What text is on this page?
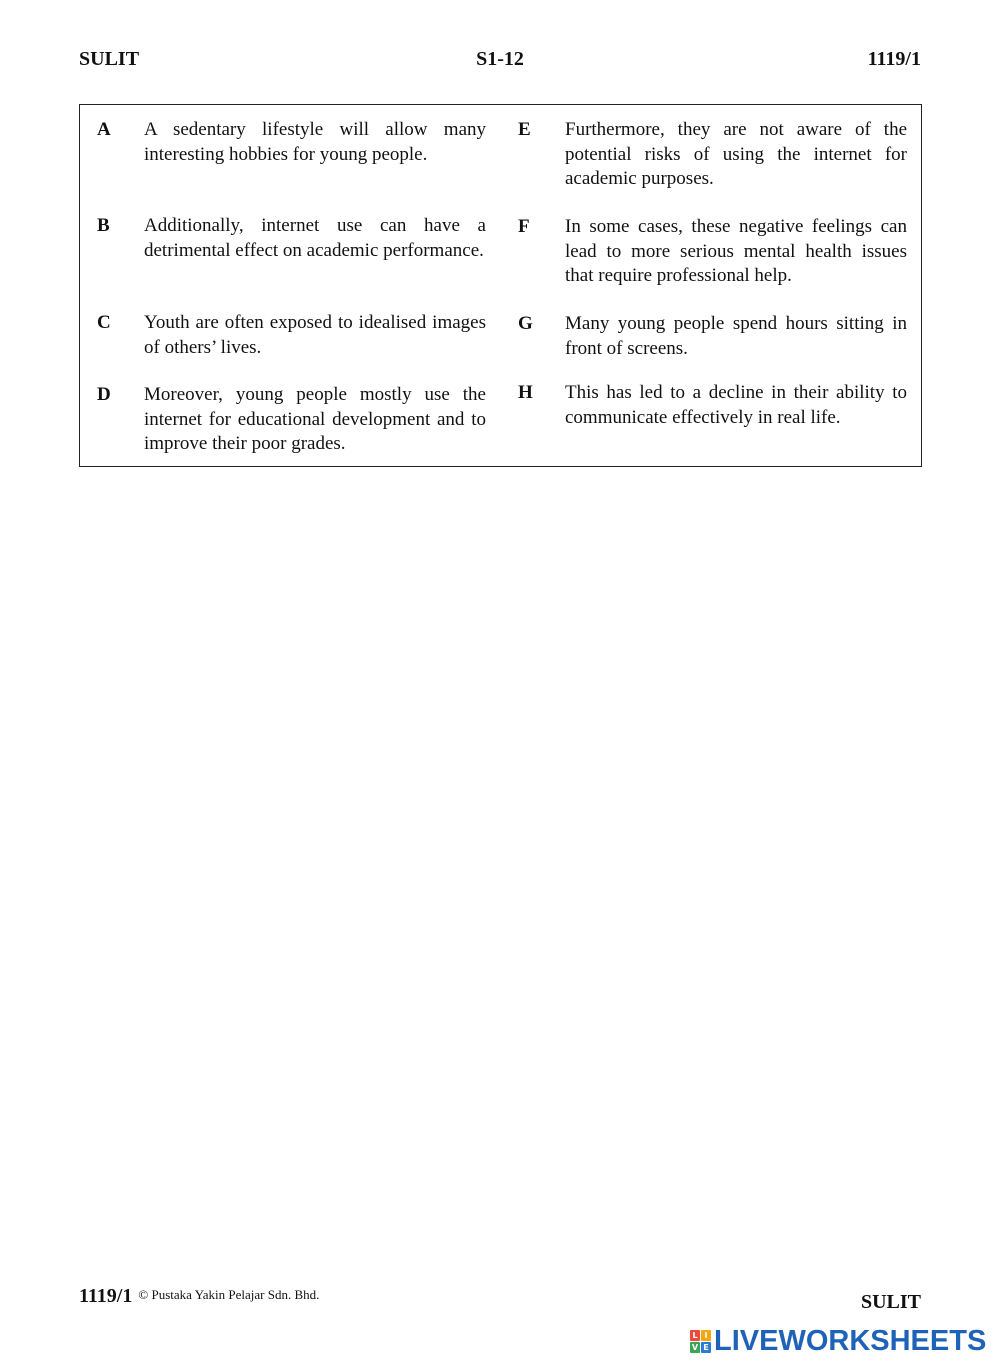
SULIT	S1-12	1119/1
A A sedentary lifestyle will allow many interesting hobbies for young people.
B Additionally, internet use can have a detrimental effect on academic performance.
C Youth are often exposed to idealised images of others’ lives.
D Moreover, young people mostly use the internet for educational development and to improve their poor grades.
E Furthermore, they are not aware of the potential risks of using the internet for academic purposes.
F In some cases, these negative feelings can lead to more serious mental health issues that require professional help.
G Many young people spend hours sitting in front of screens.
H This has led to a decline in their ability to communicate effectively in real life.
1119/1 © Pustaka Yakin Pelajar Sdn. Bhd.	SULIT
L I
V E LIVEWORKSHEETS
